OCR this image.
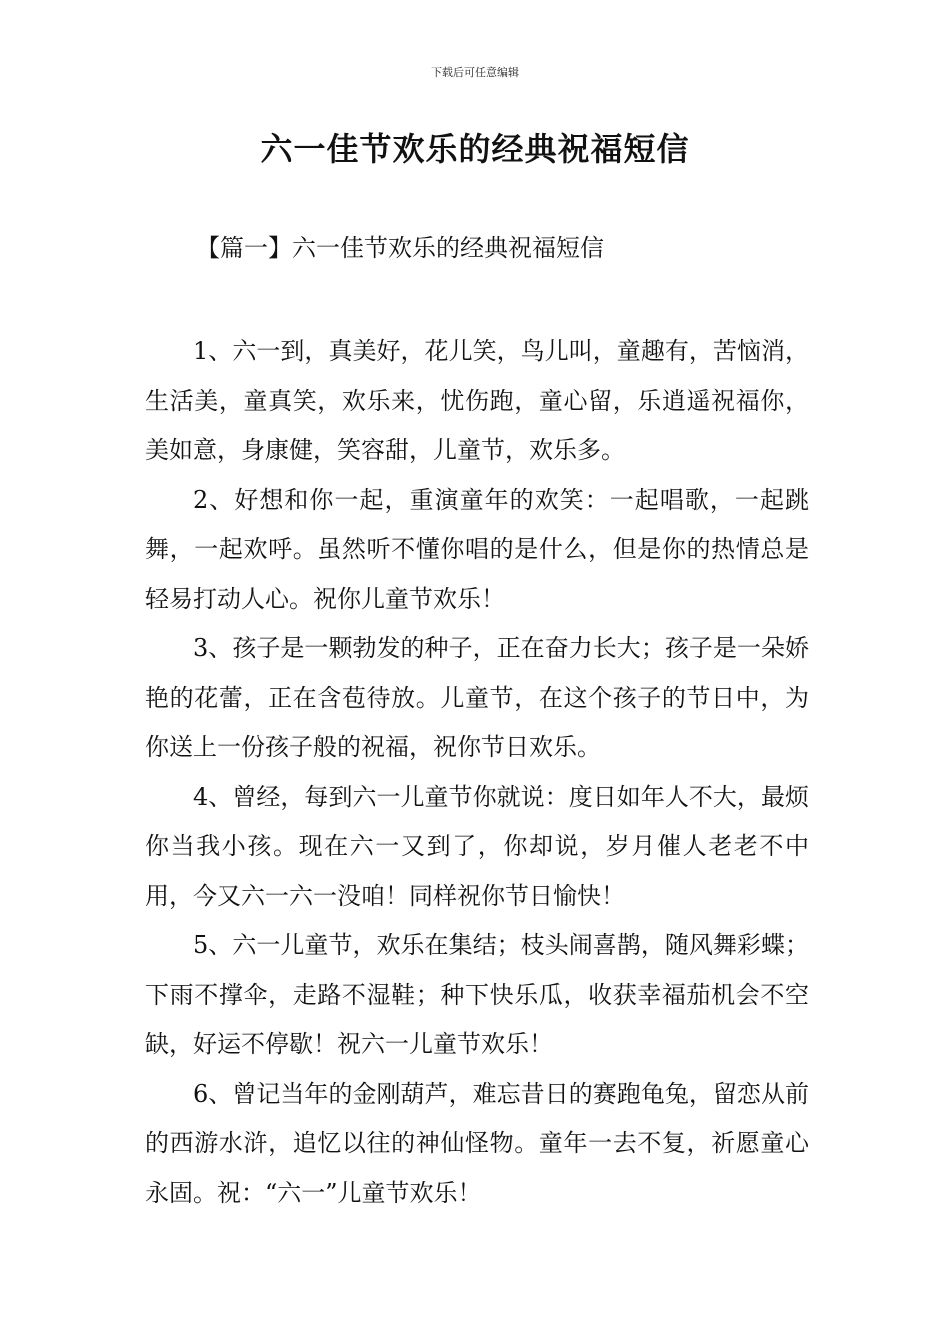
下载后可任意编辑
六一佳节欢乐的经典祝福短信
【篇一】六一佳节欢乐的经典祝福短信

1、六一到，真美好，花儿笑，鸟儿叫，童趣有，苦恼消，生活美，童真笑，欢乐来，忧伤跑，童心留，乐逍遥祝福你，美如意，身康健，笑容甜，儿童节，欢乐多。

2、好想和你一起，重演童年的欢笑：一起唱歌，一起跳舞，一起欢呼。虽然听不懂你唱的是什么，但是你的热情总是轻易打动人心。祝你儿童节欢乐！

3、孩子是一颗勃发的种子，正在奋力长大；孩子是一朵娇艳的花蕾，正在含苞待放。儿童节，在这个孩子的节日中，为你送上一份孩子般的祝福，祝你节日欢乐。

4、曾经，每到六一儿童节你就说：度日如年人不大，最烦你当我小孩。现在六一又到了，你却说，岁月催人老老不中用，今又六一六一没咱！同样祝你节日愉快！

5、六一儿童节，欢乐在集结；枝头闹喜鹊，随风舞彩蝶；下雨不撑伞，走路不湿鞋；种下快乐瓜，收获幸福茄机会不空缺，好运不停歇！祝六一儿童节欢乐！

6、曾记当年的金刚葫芦，难忘昔日的赛跑龟兔，留恋从前的西游水浒，追忆以往的神仙怪物。童年一去不复，祈愿童心永固。祝：“六一”儿童节欢乐！
